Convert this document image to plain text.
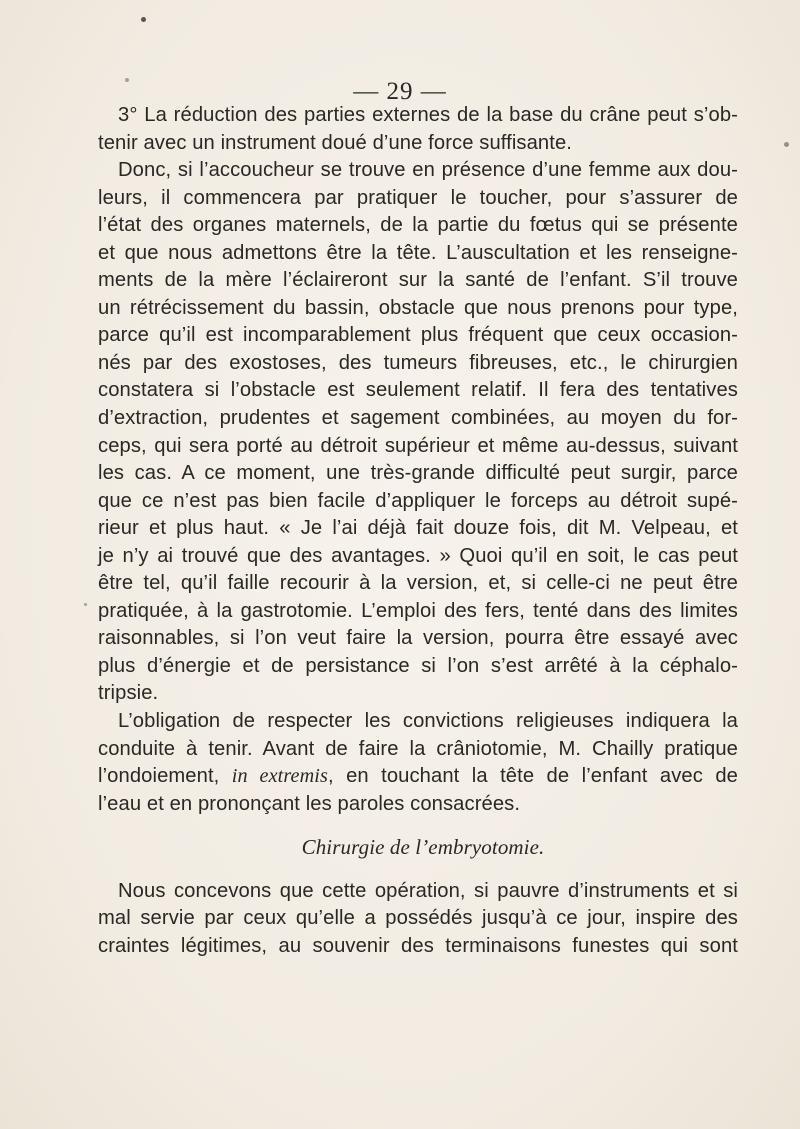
— 29 —
3° La réduction des parties externes de la base du crâne peut s’ob-
tenir avec un instrument doué d’une force suffisante.
Donc, si l’accoucheur se trouve en présence d’une femme aux dou-
leurs, il commencera par pratiquer le toucher, pour s’assurer de
l’état des organes maternels, de la partie du fœtus qui se présente
et que nous admettons être la tête. L’auscultation et les renseigne-
ments de la mère l’éclaireront sur la santé de l’enfant. S’il trouve
un rétrécissement du bassin, obstacle que nous prenons pour type,
parce qu’il est incomparablement plus fréquent que ceux occasion-
nés par des exostoses, des tumeurs fibreuses, etc., le chirurgien
constatera si l’obstacle est seulement relatif. Il fera des tentatives
d’extraction, prudentes et sagement combinées, au moyen du for-
ceps, qui sera porté au détroit supérieur et même au-dessus, suivant
les cas. A ce moment, une très-grande difficulté peut surgir, parce
que ce n’est pas bien facile d’appliquer le forceps au détroit supé-
rieur et plus haut. « Je l’ai déjà fait douze fois, dit M. Velpeau, et
je n’y ai trouvé que des avantages. » Quoi qu’il en soit, le cas peut
être tel, qu’il faille recourir à la version, et, si celle-ci ne peut être
pratiquée, à la gastrotomie. L’emploi des fers, tenté dans des limites
raisonnables, si l’on veut faire la version, pourra être essayé avec
plus d’énergie et de persistance si l’on s’est arrêté à la céphalo-
tripsie.
L’obligation de respecter les convictions religieuses indiquera la
conduite à tenir. Avant de faire la crâniotomie, M. Chailly pratique
l’ondoiement, in extremis, en touchant la tête de l’enfant avec de
l’eau et en prononçant les paroles consacrées.
Chirurgie de l’embryotomie.
Nous concevons que cette opération, si pauvre d’instruments et si
mal servie par ceux qu’elle a possédés jusqu’à ce jour, inspire des
craintes légitimes, au souvenir des terminaisons funestes qui sont
